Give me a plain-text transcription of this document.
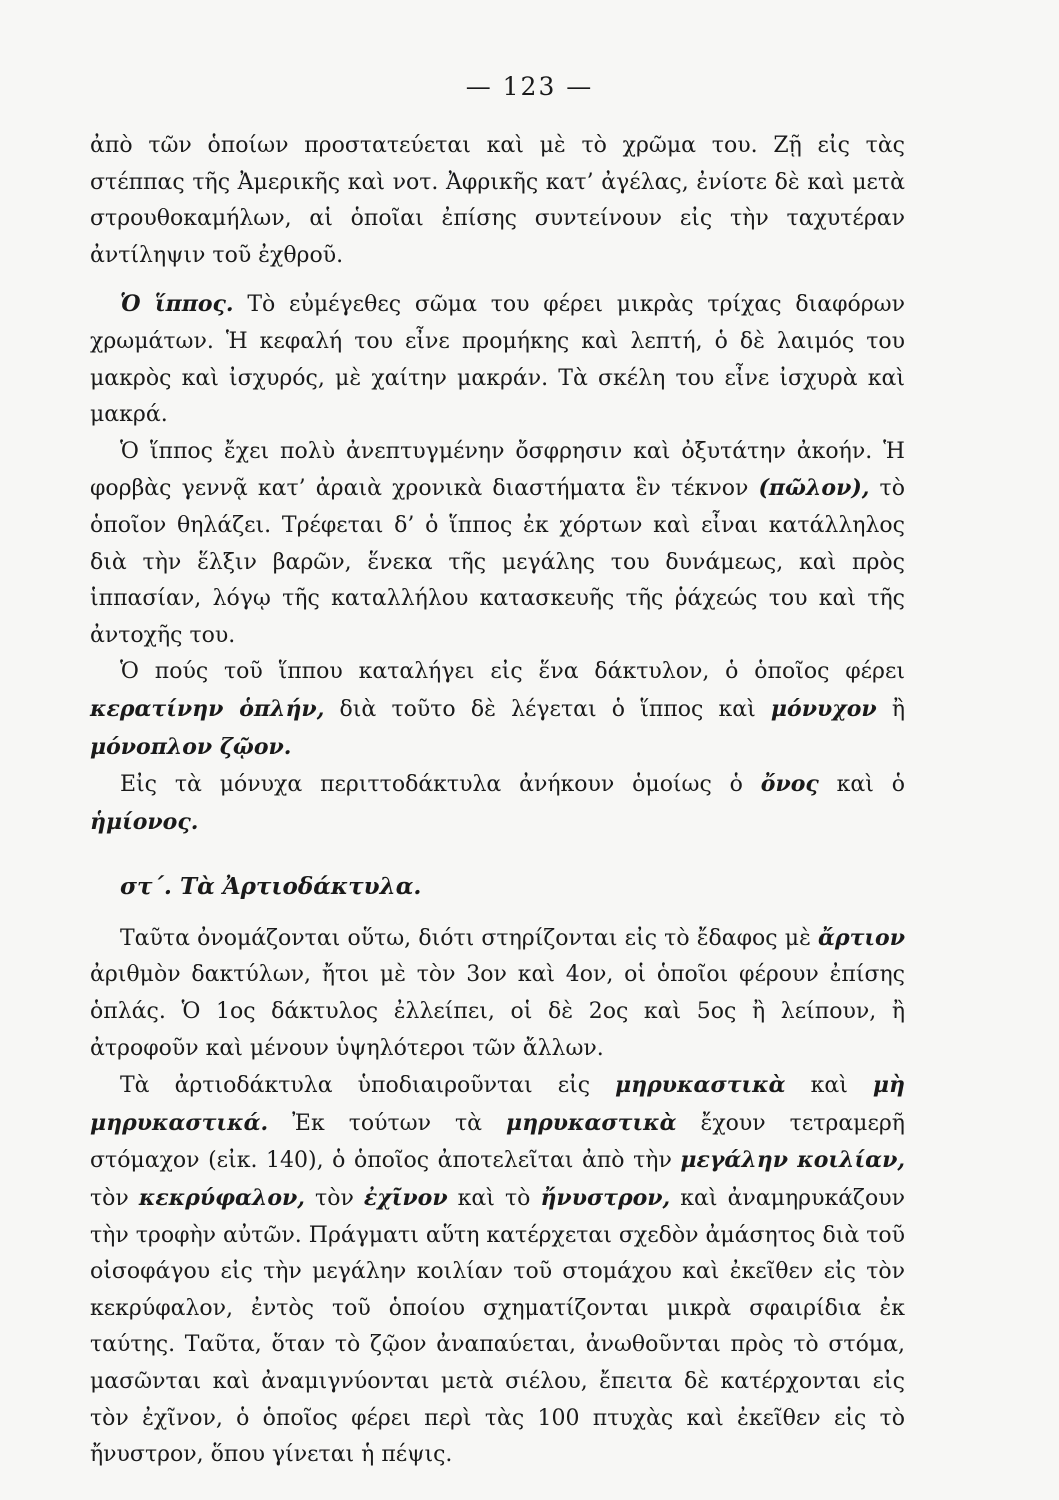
— 123 —

ἀπὸ τῶν ὁποίων προστατεύεται καὶ μὲ τὸ χρῶμα του. Ζῇ εἰς τὰς στέππας τῆς Ἀμερικῆς καὶ νοτ. Ἀφρικῆς κατ’ ἀγέλας, ἐνίοτε δὲ καὶ μετὰ στρουθοκαμήλων, αἱ ὁποῖαι ἐπίσης συντείνουν εἰς τὴν ταχυτέραν ἀντίληψιν τοῦ ἐχθροῦ.

Ὁ ἵππος. Τὸ εὐμέγεθες σῶμα του φέρει μικρὰς τρίχας διαφόρων χρωμάτων. Ἡ κεφαλή του εἶνε προμήκης καὶ λεπτή, ὁ δὲ λαιμός του μακρὸς καὶ ἰσχυρός, μὲ χαίτην μακράν. Τὰ σκέλη του εἶνε ἰσχυρὰ καὶ μακρά.

Ὁ ἵππος ἔχει πολὺ ἀνεπτυγμένην ὄσφρησιν καὶ ὀξυτάτην ἀκοήν. Ἡ φορβὰς γεννᾷ κατ’ ἀραιὰ χρονικὰ διαστήματα ἓν τέκνον (πῶλον), τὸ ὁποῖον θηλάζει. Τρέφεται δ’ ὁ ἵππος ἐκ χόρτων καὶ εἶναι κατάλληλος διὰ τὴν ἕλξιν βαρῶν, ἕνεκα τῆς μεγάλης του δυνάμεως, καὶ πρὸς ἱππασίαν, λόγῳ τῆς καταλλήλου κατασκευῆς τῆς ῥάχεώς του καὶ τῆς ἀντοχῆς του.

Ὁ πούς τοῦ ἵππου καταλήγει εἰς ἕνα δάκτυλον, ὁ ὁποῖος φέρει κερατίνην ὁπλήν, διὰ τοῦτο δὲ λέγεται ὁ ἵππος καὶ μόνυχον ἢ μόνοπλον ζῷον.

Εἰς τὰ μόνυχα περιττοδάκτυλα ἀνήκουν ὁμοίως ὁ ὄνος καὶ ὁ ἡμίονος.

στ΄. Τὰ Ἀρτιοδάκτυλα.

Ταῦτα ὀνομάζονται οὕτω, διότι στηρίζονται εἰς τὸ ἔδαφος μὲ ἄρτιον ἀριθμὸν δακτύλων, ἤτοι μὲ τὸν 3ον καὶ 4ον, οἱ ὁποῖοι φέρουν ἐπίσης ὁπλάς. Ὁ 1ος δάκτυλος ἐλλείπει, οἱ δὲ 2ος καὶ 5ος ἢ λείπουν, ἢ ἀτροφοῦν καὶ μένουν ὑψηλότεροι τῶν ἄλλων.

Τὰ ἀρτιοδάκτυλα ὑποδιαιροῦνται εἰς μηρυκαστικὰ καὶ μὴ μηρυκαστικά. Ἐκ τούτων τὰ μηρυκαστικὰ ἔχουν τετραμερῆ στόμαχον (εἰκ. 140), ὁ ὁποῖος ἀποτελεῖται ἀπὸ τὴν μεγάλην κοιλίαν, τὸν κεκρύφαλον, τὸν ἐχῖνον καὶ τὸ ἤνυστρον, καὶ ἀναμηρυκάζουν τὴν τροφὴν αὐτῶν. Πράγματι αὕτη κατέρχεται σχεδὸν ἀμάσητος διὰ τοῦ οἰσοφάγου εἰς τὴν μεγάλην κοιλίαν τοῦ στομάχου καὶ ἐκεῖθεν εἰς τὸν κεκρύφαλον, ἐντὸς τοῦ ὁποίου σχηματίζονται μικρὰ σφαιρίδια ἐκ ταύτης. Ταῦτα, ὅταν τὸ ζῷον ἀναπαύεται, ἀνωθοῦνται πρὸς τὸ στόμα, μασῶνται καὶ ἀναμιγνύονται μετὰ σιέλου, ἔπειτα δὲ κατέρχονται εἰς τὸν ἐχῖνον, ὁ ὁποῖος φέρει περὶ τὰς 100 πτυχὰς καὶ ἐκεῖθεν εἰς τὸ ἤνυστρον, ὅπου γίνεται ἡ πέψις.
